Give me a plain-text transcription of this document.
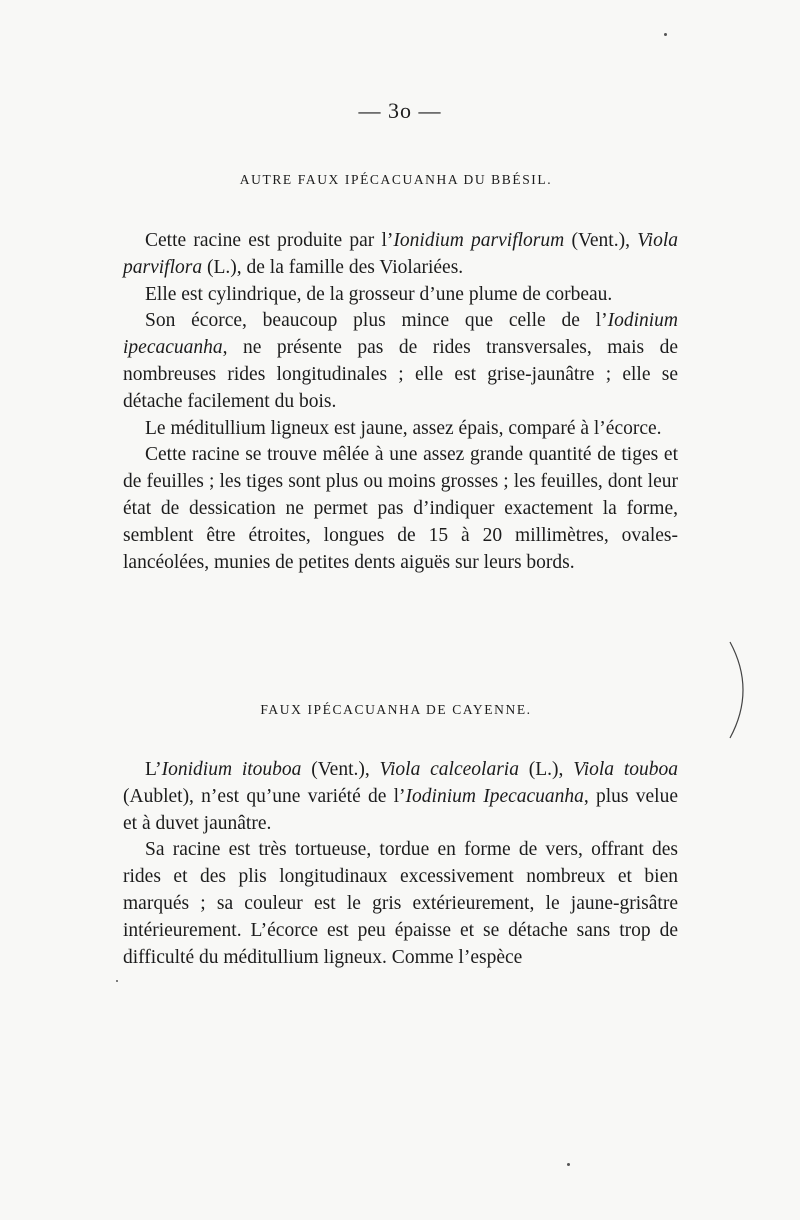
— 3o —
AUTRE FAUX IPÉCACUANHA DU BBÉSIL.

Cette racine est produite par l’Ionidium parviflorum (Vent.), Viola parviflora (L.), de la famille des Violariées.

Elle est cylindrique, de la grosseur d’une plume de corbeau.

Son écorce, beaucoup plus mince que celle de l’Iodinium ipecacuanha, ne présente pas de rides transversales, mais de nombreuses rides longitudinales ; elle est grise-jaunâtre ; elle se détache facilement du bois.

Le méditullium ligneux est jaune, assez épais, comparé à l’écorce.

Cette racine se trouve mêlée à une assez grande quantité de tiges et de feuilles ; les tiges sont plus ou moins grosses ; les feuilles, dont leur état de dessication ne permet pas d’indiquer exactement la forme, semblent être étroites, longues de 15 à 20 millimètres, ovales-lancéolées, munies de petites dents aiguës sur leurs bords.

FAUX IPÉCACUANHA DE CAYENNE.

L’Ionidium itouboa (Vent.), Viola calceolaria (L.), Viola touboa (Aublet), n’est qu’une variété de l’Iodinium Ipecacuanha, plus velue et à duvet jaunâtre.

Sa racine est très tortueuse, tordue en forme de vers, offrant des rides et des plis longitudinaux excessivement nombreux et bien marqués ; sa couleur est le gris extérieurement, le jaune-grisâtre intérieurement. L’écorce est peu épaisse et se détache sans trop de difficulté du méditullium ligneux. Comme l’espèce
